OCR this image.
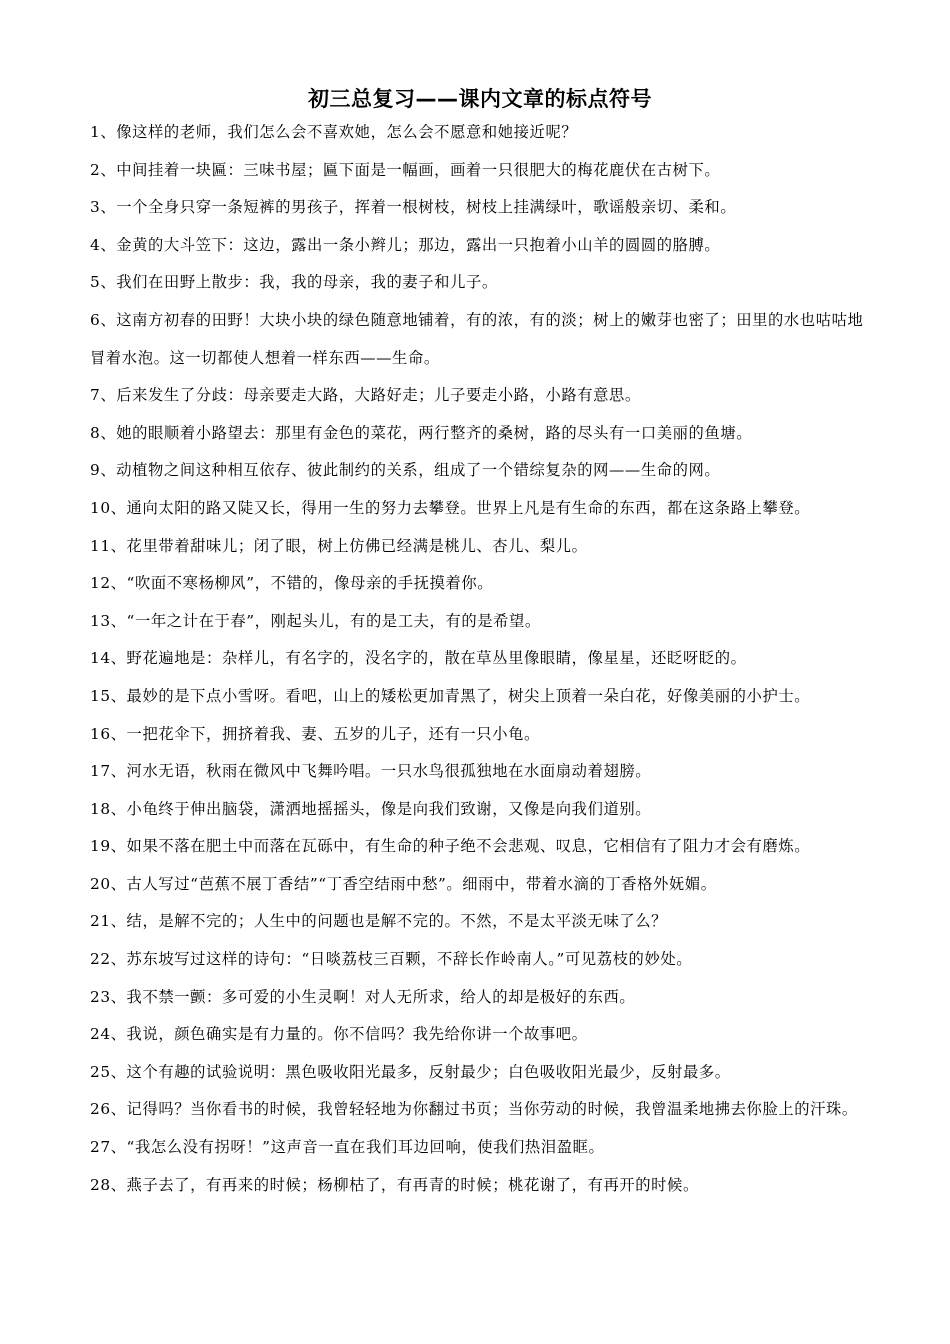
初三总复习——课内文章的标点符号
1、像这样的老师，我们怎么会不喜欢她，怎么会不愿意和她接近呢？
2、中间挂着一块匾：三味书屋；匾下面是一幅画，画着一只很肥大的梅花鹿伏在古树下。
3、一个全身只穿一条短裤的男孩子，挥着一根树枝，树枝上挂满绿叶，歌谣般亲切、柔和。
4、金黄的大斗笠下：这边，露出一条小辫儿；那边，露出一只抱着小山羊的圆圆的胳膊。
5、我们在田野上散步：我，我的母亲，我的妻子和儿子。
6、这南方初春的田野！大块小块的绿色随意地铺着，有的浓，有的淡；树上的嫩芽也密了；田里的水也咕咕地冒着水泡。这一切都使人想着一样东西——生命。
7、后来发生了分歧：母亲要走大路，大路好走；儿子要走小路，小路有意思。
8、她的眼顺着小路望去：那里有金色的菜花，两行整齐的桑树，路的尽头有一口美丽的鱼塘。
9、动植物之间这种相互依存、彼此制约的关系，组成了一个错综复杂的网——生命的网。
10、通向太阳的路又陡又长，得用一生的努力去攀登。世界上凡是有生命的东西，都在这条路上攀登。
11、花里带着甜味儿；闭了眼，树上仿佛已经满是桃儿、杏儿、梨儿。
12、“吹面不寒杨柳风”，不错的，像母亲的手抚摸着你。
13、“一年之计在于春”，刚起头儿，有的是工夫，有的是希望。
14、野花遍地是：杂样儿，有名字的，没名字的，散在草丛里像眼睛，像星星，还眨呀眨的。
15、最妙的是下点小雪呀。看吧，山上的矮松更加青黑了，树尖上顶着一朵白花，好像美丽的小护士。
16、一把花伞下，拥挤着我、妻、五岁的儿子，还有一只小龟。
17、河水无语，秋雨在微风中飞舞吟唱。一只水鸟很孤独地在水面扇动着翅膀。
18、小龟终于伸出脑袋，潇洒地摇摇头，像是向我们致谢，又像是向我们道别。
19、如果不落在肥土中而落在瓦砾中，有生命的种子绝不会悲观、叹息，它相信有了阻力才会有磨炼。
20、古人写过“芭蕉不展丁香结”“丁香空结雨中愁”。细雨中，带着水滴的丁香格外妩媚。
21、结，是解不完的；人生中的问题也是解不完的。不然，不是太平淡无味了么？
22、苏东坡写过这样的诗句：“日啖荔枝三百颗，不辞长作岭南人。”可见荔枝的妙处。
23、我不禁一颤：多可爱的小生灵啊！对人无所求，给人的却是极好的东西。
24、我说，颜色确实是有力量的。你不信吗？我先给你讲一个故事吧。
25、这个有趣的试验说明：黑色吸收阳光最多，反射最少；白色吸收阳光最少，反射最多。
26、记得吗？当你看书的时候，我曾轻轻地为你翻过书页；当你劳动的时候，我曾温柔地拂去你脸上的汗珠。
27、“我怎么没有拐呀！”这声音一直在我们耳边回响，使我们热泪盈眶。
28、燕子去了，有再来的时候；杨柳枯了，有再青的时候；桃花谢了，有再开的时候。
